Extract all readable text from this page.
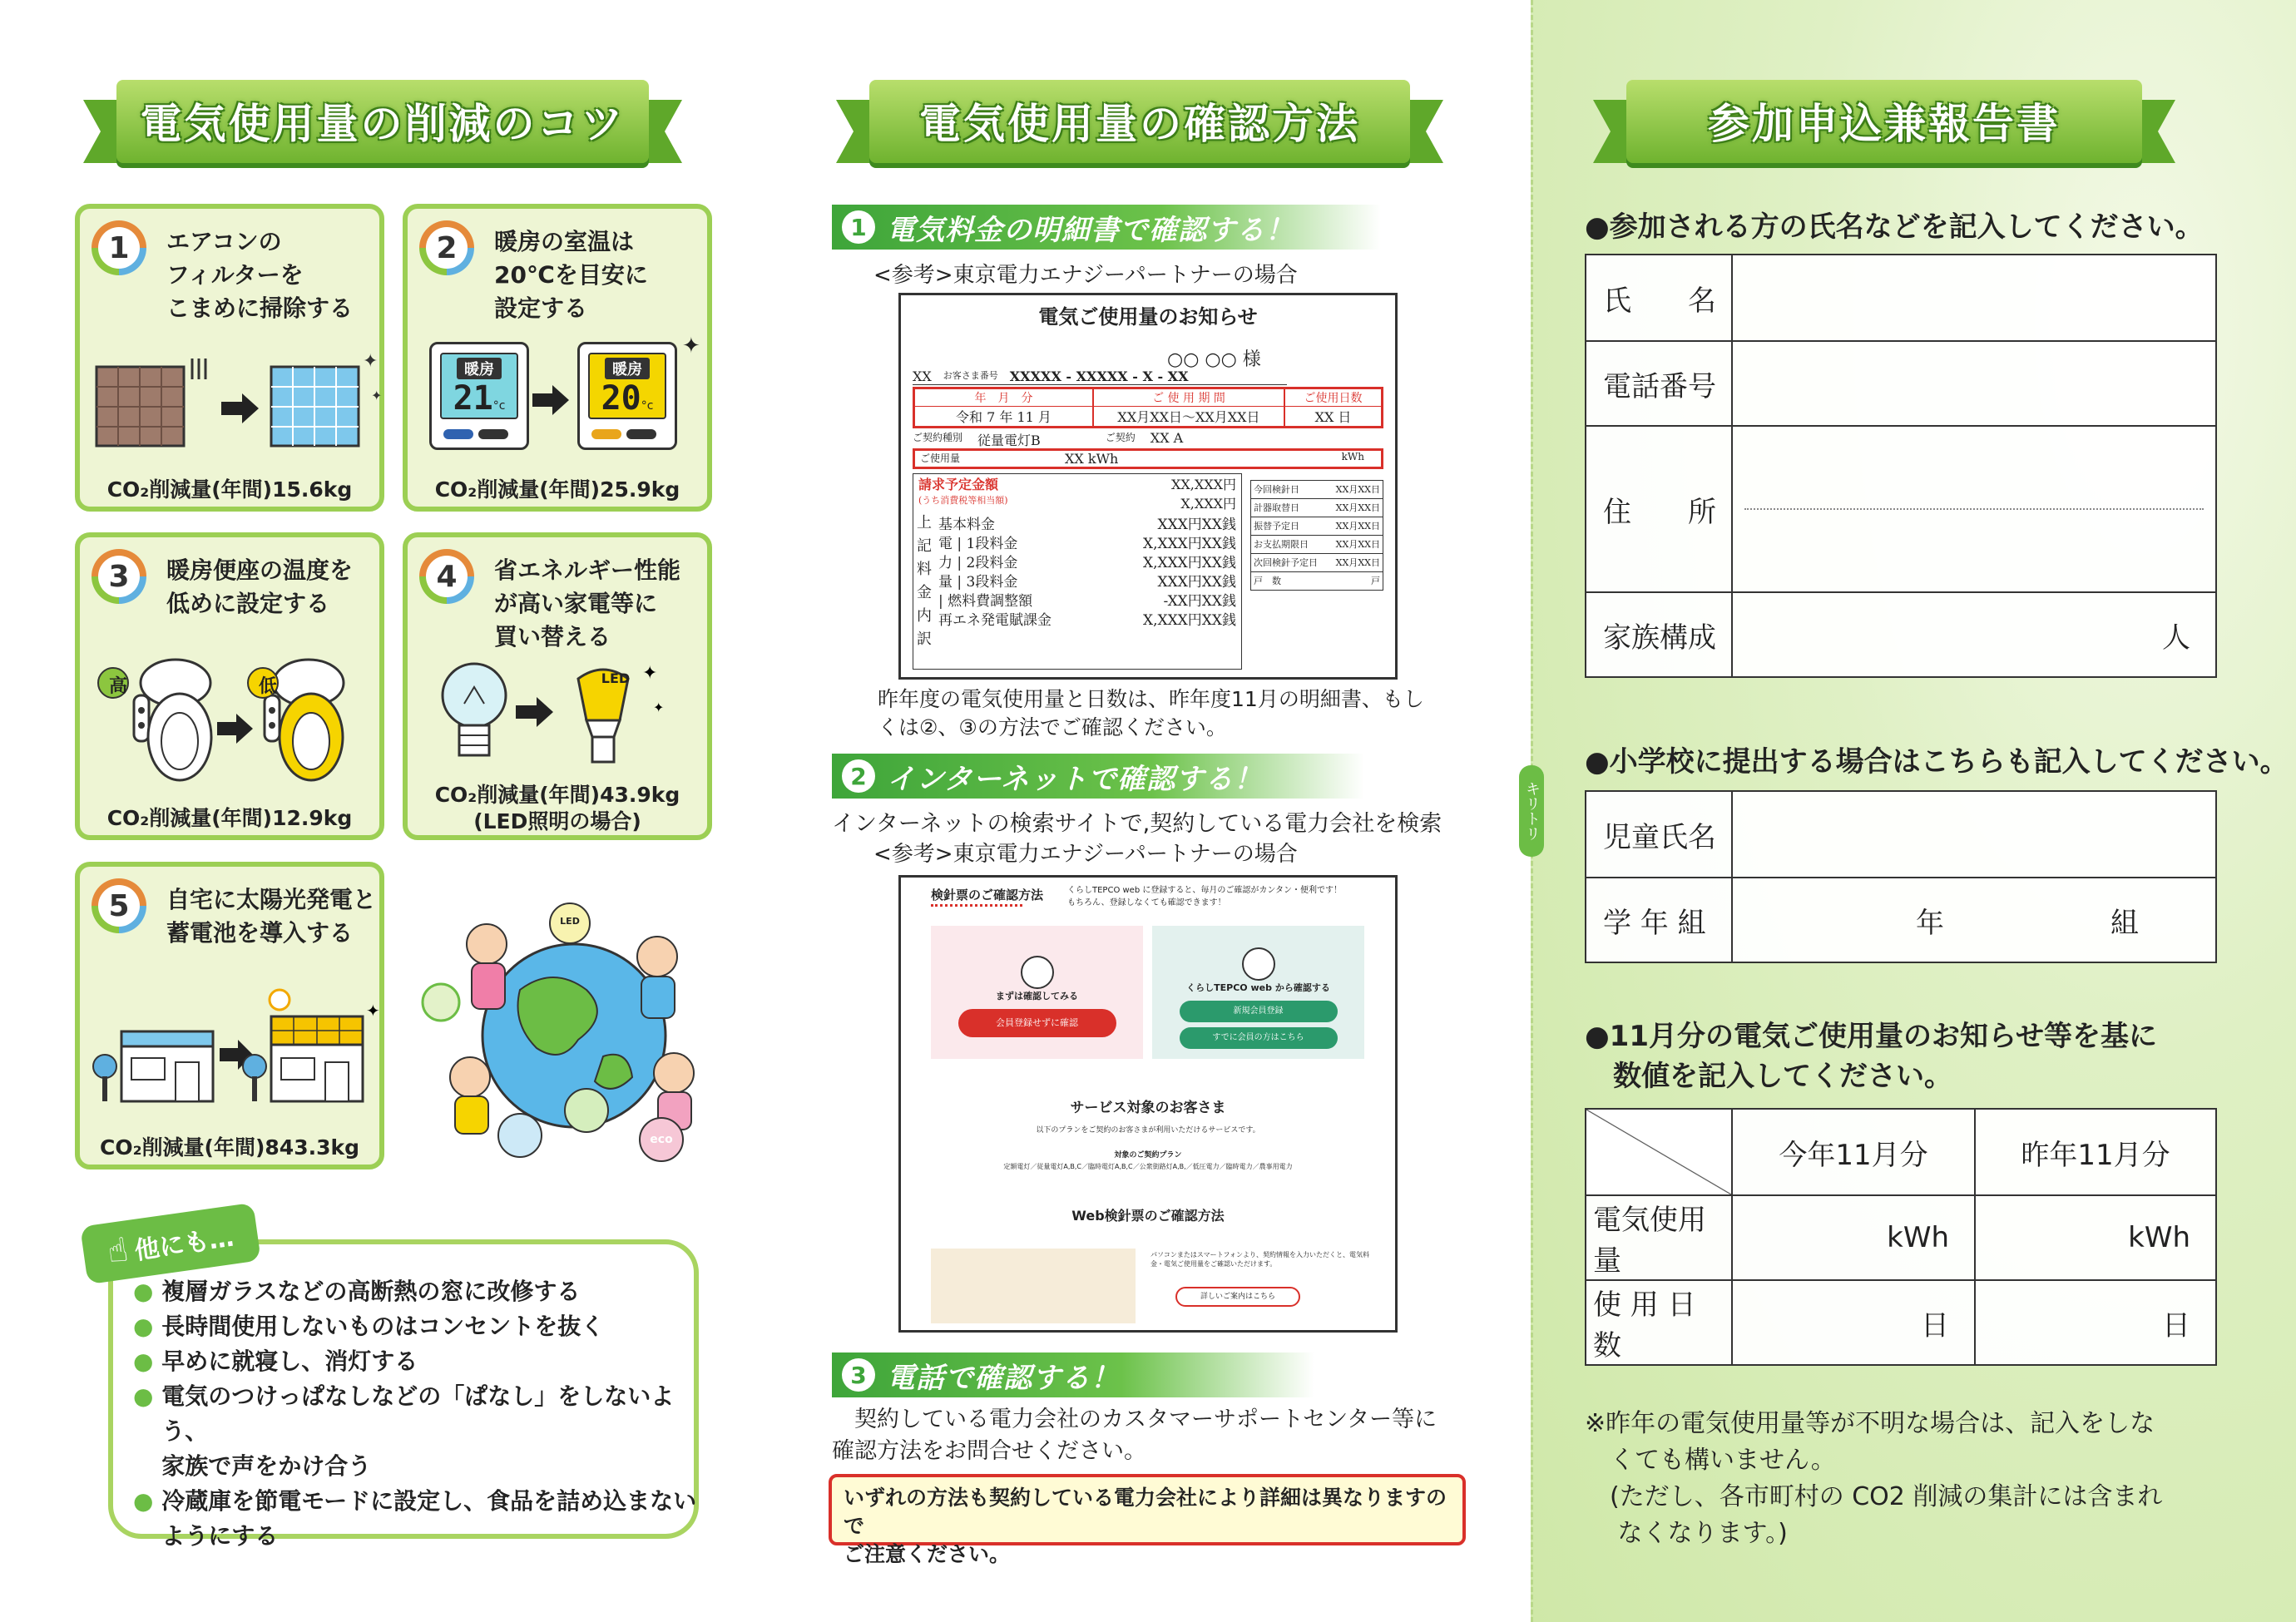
キリトリ
電気使用量の削減のコツ
1	エアコンの
フィルターを
こまめに掃除する
✦
✦
CO₂削減量(年間)15.6kg
2	暖房の室温は
20℃を目安に
設定する
暖房
21°c
暖房
20°c
✦
CO₂削減量(年間)25.9kg
3	暖房便座の温度を
低めに設定する
高	低
CO₂削減量(年間)12.9kg
4	省エネルギー性能
が高い家電等に
買い替える
✦
✦
LED
CO₂削減量(年間)43.9kg
(LED照明の場合)
5	自宅に太陽光発電と
蓄電池を導入する
✦
CO₂削減量(年間)843.3kg
LED
eco
☝ 他にも…
● 複層ガラスなどの高断熱の窓に改修する
● 長時間使用しないものはコンセントを抜く
● 早めに就寝し、消灯する
● 電気のつけっぱなしなどの「ぱなし」をしないよう、
家族で声をかけ合う
● 冷蔵庫を節電モードに設定し、食品を詰め込まない
ようにする
電気使用量の確認方法
1 電気料金の明細書で確認する！
<参考>東京電力エナジーパートナーの場合
電気ご使用量のお知らせ
○○ ○○ 様
XX お客さま番号 XXXXX - XXXXX - X - XX
年　月　分
令和 7 年 11 月
ご 使 用 期 間
XX月XX日〜XX月XX日
ご使用日数
XX 日
ご契約種別 従量電灯B	ご契約 XX A
ご使用量	XX kWh	kWh
請求予定金額	XX,XXX円
(うち消費税等相当額)	X,XXX円
上記料金内訳 基本料金	XXX円XX銭
電 | 1段料金	X,XXX円XX銭
力 | 2段料金	X,XXX円XX銭
量 | 3段料金	XXX円XX銭
| 燃料費調整額	-XX円XX銭
再エネ発電賦課金	X,XXX円XX銭
今回検針日	XX月XX日
計器取替日	XX月XX日
振替予定日	XX月XX日
お支払期限日	XX月XX日
次回検針予定日 XX月XX日
戸　数	戸
昨年度の電気使用量と日数は、昨年度11月の明細書、もし
くは②、③の方法でご確認ください。
2 インターネットで確認する！
インターネットの検索サイトで,契約している電力会社を検索
<参考>東京電力エナジーパートナーの場合
検針票のご確認方法	くらしTEPCO web に登録すると、毎月のご確認がカンタン・便利です！
もちろん、登録しなくても確認できます！
まずは確認してみる
会員登録せずに確認
くらしTEPCO web から確認する
新規会員登録
すでに会員の方はこちら
サービス対象のお客さま
以下のプランをご契約のお客さまが利用いただけるサービスです。
対象のご契約プラン
定額電灯／従量電灯A,B,C／臨時電灯A,B,C／公衆街路灯A,B,／低圧電力／臨時電力／農事用電力
Web検針票のご確認方法
パソコンまたはスマートフォンより、契約情報を入力いただくと、電気料金・電気ご使用量をご確認いただけます。
詳しいご案内はこちら
3 電話で確認する！
　契約している電力会社のカスタマーサポートセンター等に
確認方法をお問合せください。
いずれの方法も契約している電力会社により詳細は異なりますので
ご注意ください。
参加申込兼報告書
●参加される方の氏名などを記入してください。
氏　　名	
電話番号	
住　　所	

家族構成	人
●小学校に提出する場合はこちらも記入してください。
児童氏名	
学 年 組	年 組
●11月分の電気ご使用量のお知らせ等を基に
　数値を記入してください。
	今年11月分	昨年11月分
電気使用量	kWh	kWh
使 用 日 数	日	日
※昨年の電気使用量等が不明な場合は、記入をしな
　くても構いません。
　(ただし、各市町村の CO2 削減の集計には含まれ
　 なくなります。)
